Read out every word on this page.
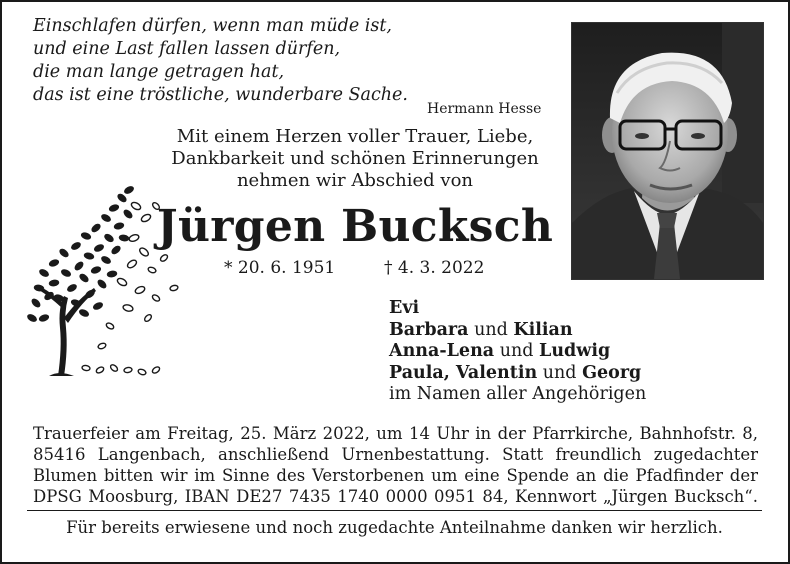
Einschlafen dürfen, wenn man müde ist,
und eine Last fallen lassen dürfen,
die man lange getragen hat,
das ist eine tröstliche, wunderbare Sache.
Hermann Hesse
Mit einem Herzen voller Trauer, Liebe,
Dankbarkeit und schönen Erinnerungen
nehmen wir Abschied von
Jürgen Bucksch
* 20. 6. 1951	† 4. 3. 2022
Evi
Barbara und Kilian
Anna-Lena und Ludwig
Paula, Valentin und Georg
im Namen aller Angehörigen
Trauerfeier am Freitag, 25. März 2022, um 14 Uhr in der Pfarrkirche, Bahnhofstr. 8,
85416 Langenbach, anschließend Urnenbestattung. Statt freundlich zugedachter
Blumen bitten wir im Sinne des Verstorbenen um eine Spende an die Pfadfinder der
DPSG Moosburg, IBAN DE27 7435 1740 0000 0951 84, Kennwort „Jürgen Bucksch“.
Für bereits erwiesene und noch zugedachte Anteilnahme danken wir herzlich.
